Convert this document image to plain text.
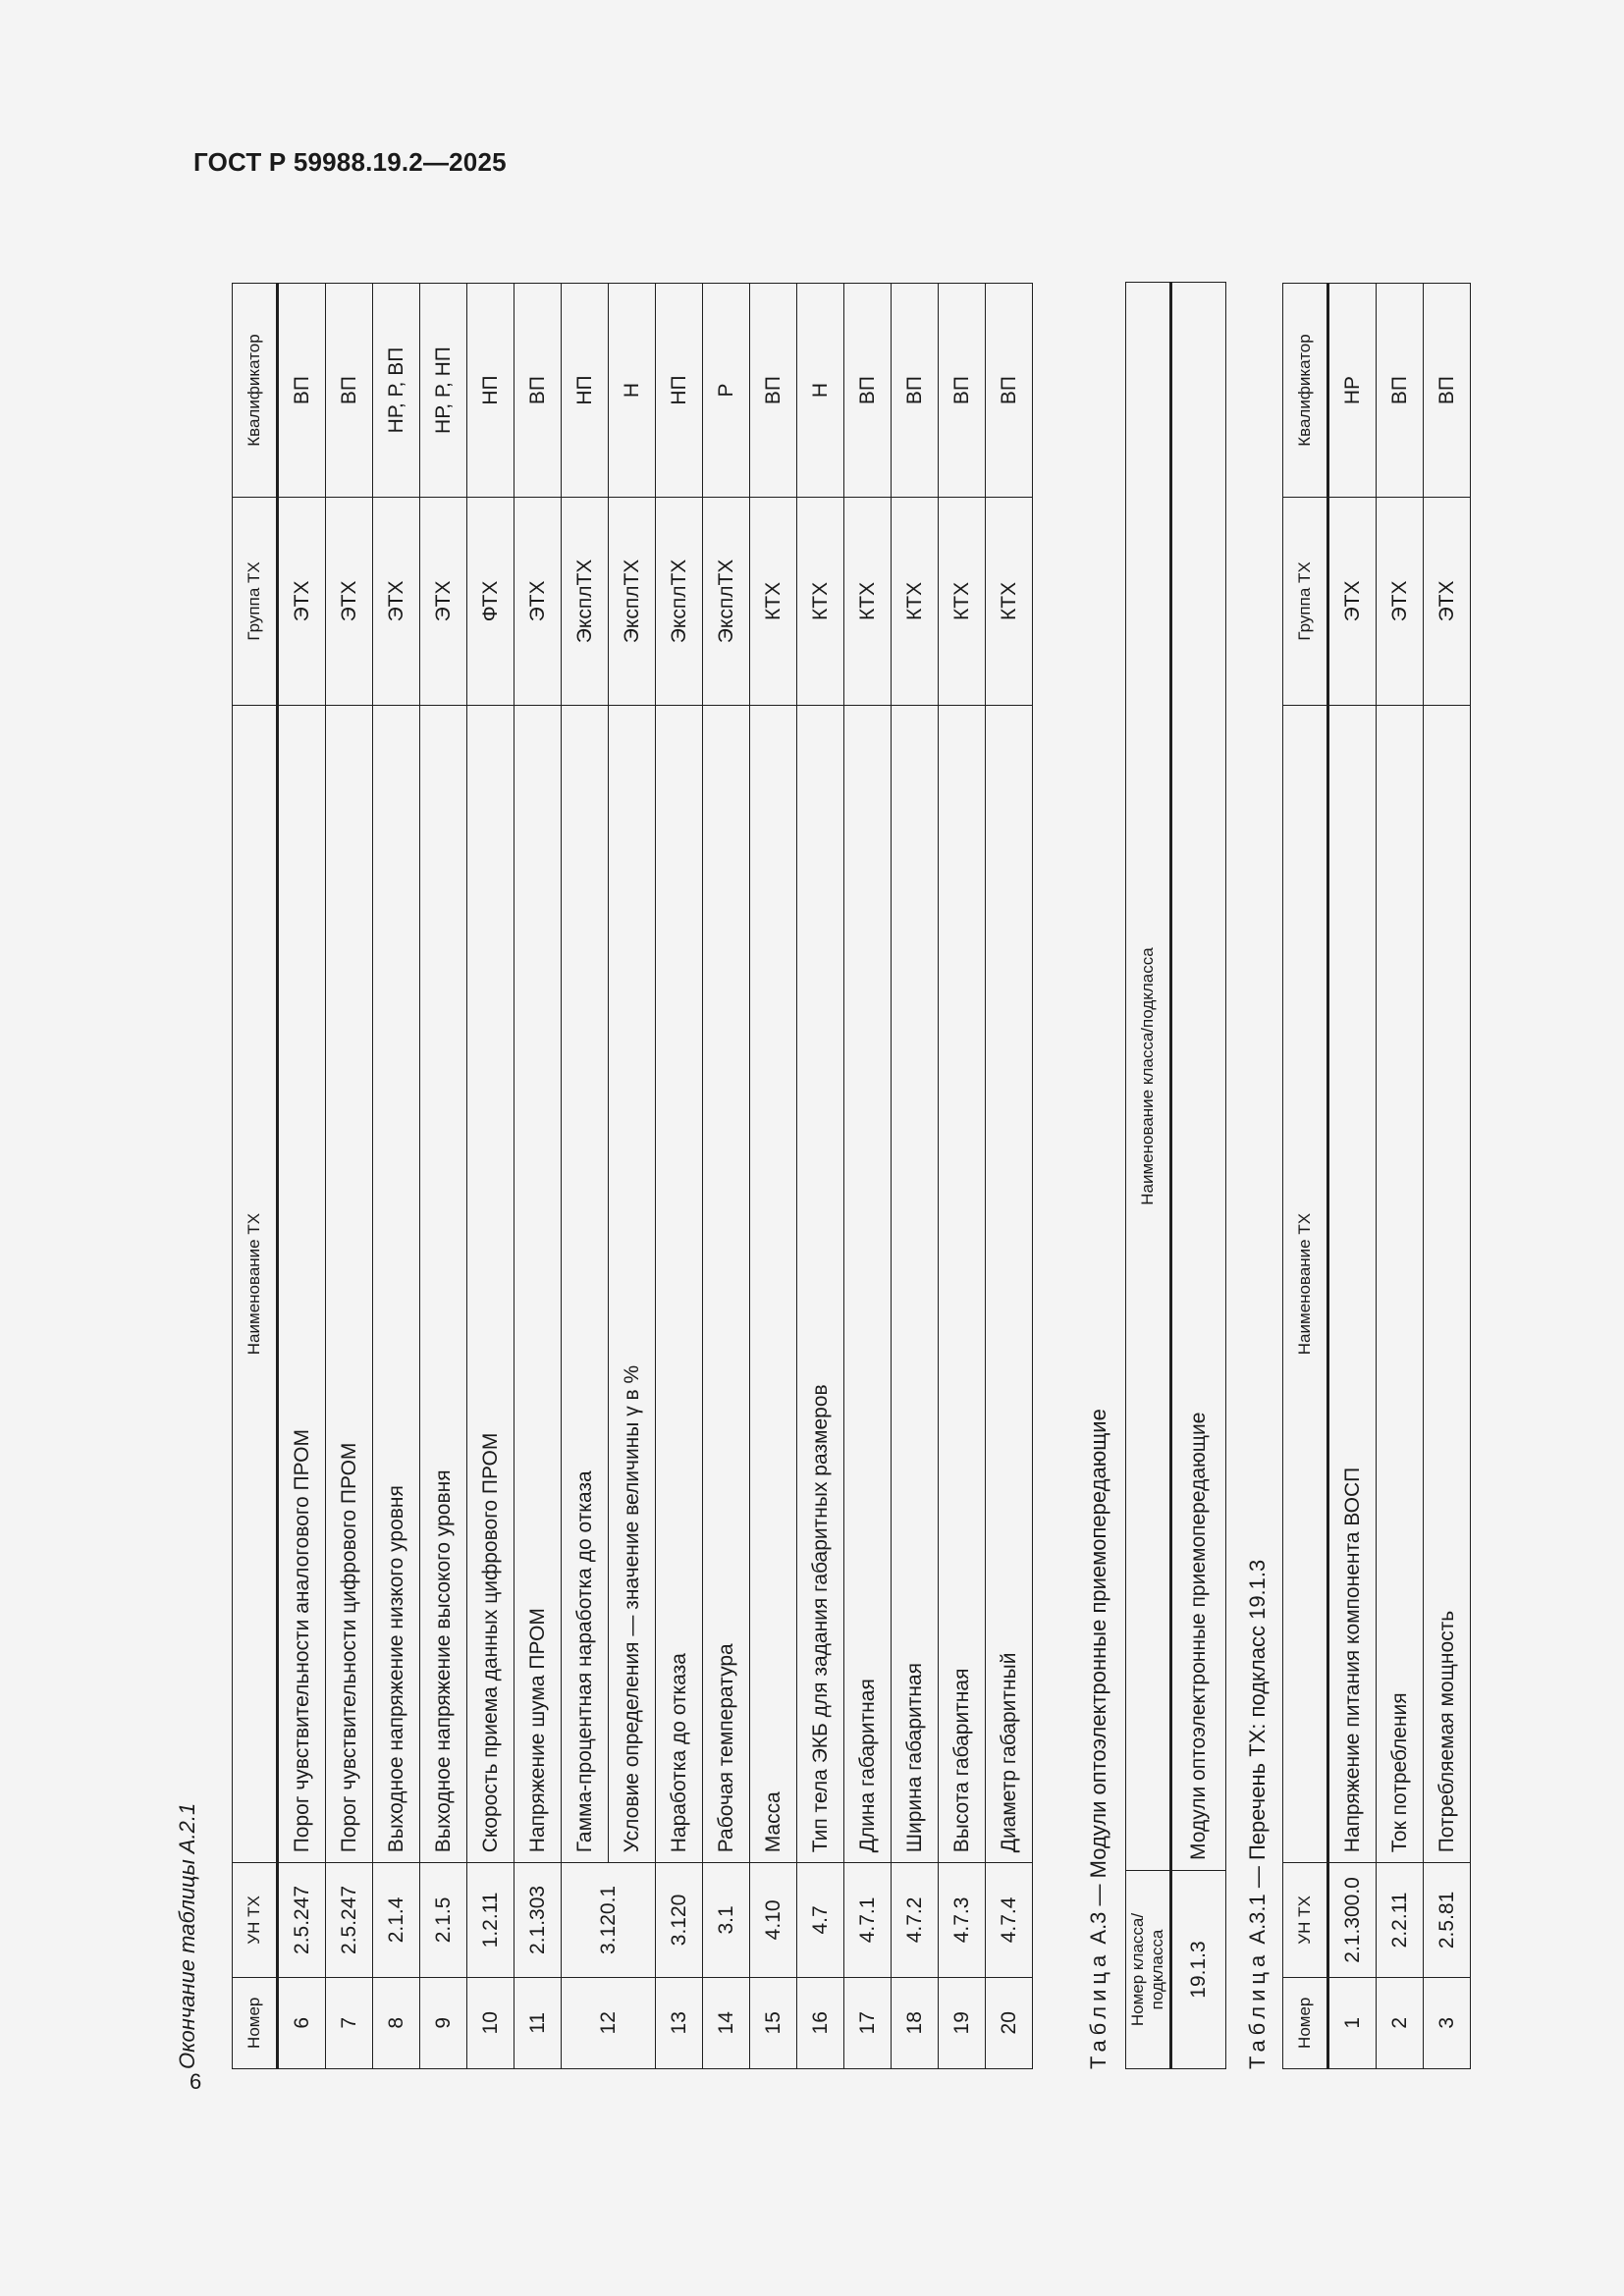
ГОСТ Р 59988.19.2—2025
Окончание таблицы А.2.1	Номер	УН ТХ	Наименование ТХ	Группа ТХ	Квалификатор
6	2.5.247	Порог чувствительности аналогового ПРОМ	ЭТХ	ВП
7	2.5.247	Порог чувствительности цифрового ПРОМ	ЭТХ	ВП
8	2.1.4	Выходное напряжение низкого уровня	ЭТХ	НР, Р, ВП
9	2.1.5	Выходное напряжение высокого уровня	ЭТХ	НР, Р, НП
10	1.2.11	Скорость приема данных цифрового ПРОМ	ФТХ	НП
11	2.1.303	Напряжение шума ПРОМ	ЭТХ	ВП
12	3.120.1	Гамма-процентная наработка до отказа	ЭксплТХ	НП
		Условие определения — значение величины γ в %	ЭксплТХ	Н
13	3.120	Наработка до отказа	ЭксплТХ	НП
14	3.1	Рабочая температура	ЭксплТХ	Р
15	4.10	Масса	КТХ	ВП
16	4.7	Тип тела ЭКБ для задания габаритных размеров	КТХ	Н
17	4.7.1	Длина габаритная	КТХ	ВП
18	4.7.2	Ширина габаритная	КТХ	ВП
19	4.7.3	Высота габаритная	КТХ	ВП
20	4.7.4	Диаметр габаритный	КТХ	ВП
Таблица А.3 — Модули оптоэлектронные приемопередающие
Номер класса/подкласса	Наименование класса/подкласса
19.1.3	Модули оптоэлектронные приемопередающие
Таблица А.3.1 — Перечень ТХ: подкласс 19.1.3
Номер	УН ТХ	Наименование ТХ	Группа ТХ	Квалификатор
1	2.1.300.0	Напряжение питания компонента ВОСП	ЭТХ	НР
2	2.2.11	Ток потребления	ЭТХ	ВП
3	2.5.81	Потребляемая мощность	ЭТХ	ВП
6
